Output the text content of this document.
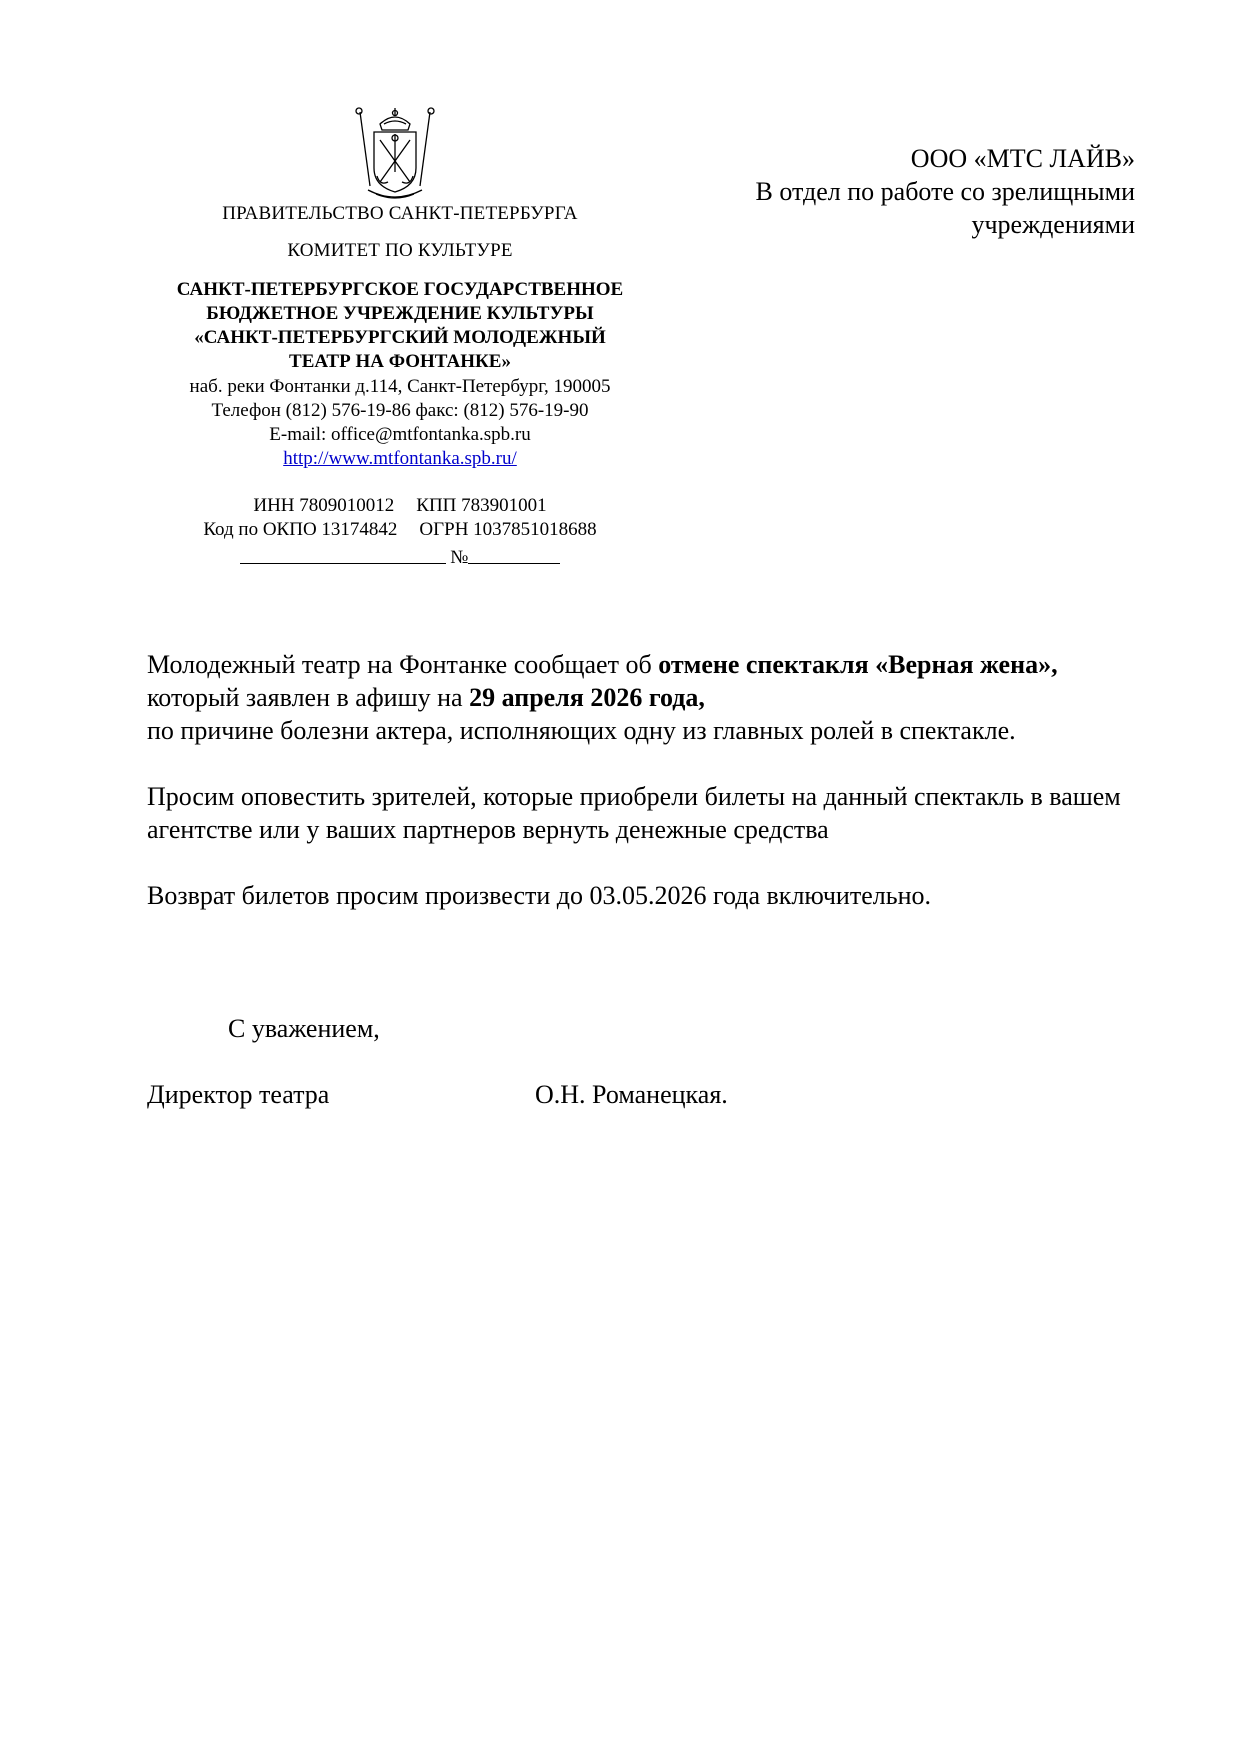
ПРАВИТЕЛЬСТВО САНКТ-ПЕТЕРБУРГА
КОМИТЕТ ПО КУЛЬТУРЕ
САНКТ-ПЕТЕРБУРГСКОЕ ГОСУДАРСТВЕННОЕ
БЮДЖЕТНОЕ УЧРЕЖДЕНИЕ КУЛЬТУРЫ
«САНКТ-ПЕТЕРБУРГСКИЙ МОЛОДЕЖНЫЙ
ТЕАТР НА ФОНТАНКЕ»
наб. реки Фонтанки д.114, Санкт-Петербург, 190005
Телефон (812) 576-19-86 факс: (812) 576-19-90
E-mail: office@mtfontanka.spb.ru
http://www.mtfontanka.spb.ru/
ИНН 7809010012 КПП 783901001
Код по ОКПО 13174842 ОГРН 1037851018688
№
ООО «МТС ЛАЙВ»
В отдел по работе со зрелищными
учреждениями
Молодежный театр на Фонтанке сообщает об отмене спектакля «Верная жена»,
который заявлен в афишу на 29 апреля 2026 года,
по причине болезни актера, исполняющих одну из главных ролей в спектакле.
Просим оповестить зрителей, которые приобрели билеты на данный спектакль в вашем агентстве или у ваших партнеров вернуть денежные средства
Возврат билетов просим произвести до 03.05.2026 года включительно.
С уважением,
Директор театра	О.Н. Романецкая.
